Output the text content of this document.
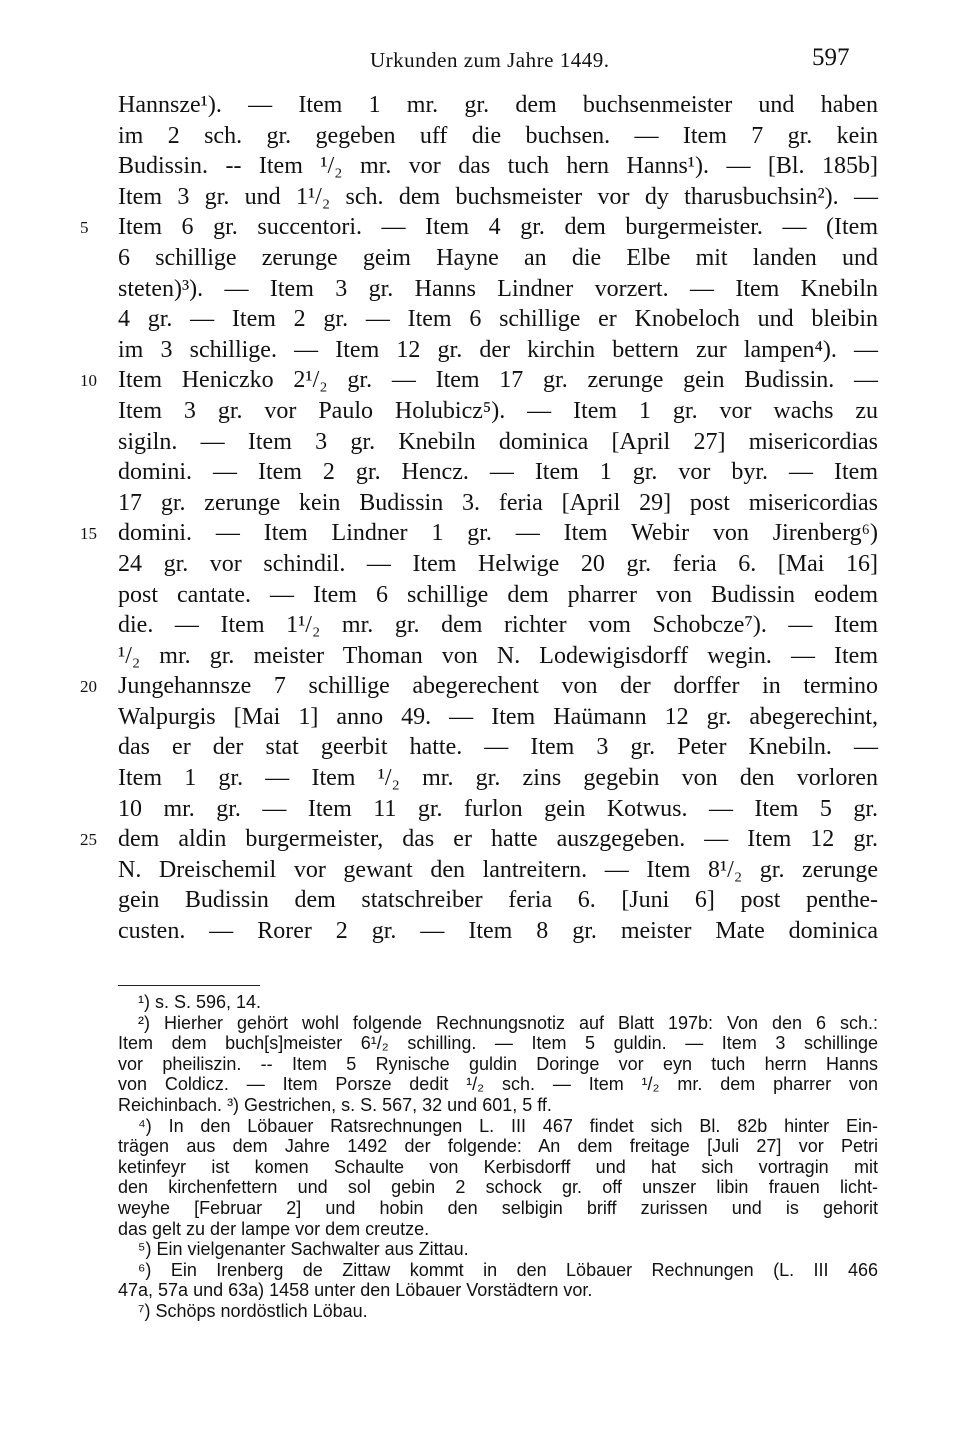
Urkunden zum Jahre 1449.	597
Hannsze¹). — Item 1 mr. gr. dem buchsenmeister und haben
im 2 sch. gr. gegeben uff die buchsen. — Item 7 gr. kein
Budissin. -- Item ¹/₂ mr. vor das tuch hern Hanns¹). — [Bl. 185b]
Item 3 gr. und 1¹/₂ sch. dem buchsmeister vor dy tharusbuchsin²). —
5	Item 6 gr. succentori. — Item 4 gr. dem burgermeister. — (Item
6 schillige zerunge geim Hayne an die Elbe mit landen und
steten)³). — Item 3 gr. Hanns Lindner vorzert. — Item Knebiln
4 gr. — Item 2 gr. — Item 6 schillige er Knobeloch und bleibin
im 3 schillige. — Item 12 gr. der kirchin bettern zur lampen⁴). —
10 Item Heniczko 2¹/₂ gr. — Item 17 gr. zerunge gein Budissin. —
Item 3 gr. vor Paulo Holubicz⁵). — Item 1 gr. vor wachs zu
sigiln. — Item 3 gr. Knebiln dominica [April 27] misericordias
domini. — Item 2 gr. Hencz. — Item 1 gr. vor byr. — Item
17 gr. zerunge kein Budissin 3. feria [April 29] post misericordias
15 domini. — Item Lindner 1 gr. — Item Webir von Jirenberg⁶)
24 gr. vor schindil. — Item Helwige 20 gr. feria 6. [Mai 16]
post cantate. — Item 6 schillige dem pharrer von Budissin eodem
die. — Item 1¹/₂ mr. gr. dem richter vom Schobcze⁷). — Item
¹/₂ mr. gr. meister Thoman von N. Lodewigisdorff wegin. — Item
20 Jungehannsze 7 schillige abegerechent von der dorffer in termino
Walpurgis [Mai 1] anno 49. — Item Haümann 12 gr. abegerechint,
das er der stat geerbit hatte. — Item 3 gr. Peter Knebiln. —
Item 1 gr. — Item ¹/₂ mr. gr. zins gegebin von den vorloren
10 mr. gr. — Item 11 gr. furlon gein Kotwus. — Item 5 gr.
25 dem aldin burgermeister, das er hatte auszgegeben. — Item 12 gr.
N. Dreischemil vor gewant den lantreitern. — Item 8¹/₂ gr. zerunge
gein Budissin dem statschreiber feria 6. [Juni 6] post penthe-
custen. — Rorer 2 gr. — Item 8 gr. meister Mate dominica
¹) s. S. 596, 14.
²) Hierher gehört wohl folgende Rechnungsnotiz auf Blatt 197b: Von den 6 sch.:
Item dem buch[s]meister 6¹/₂ schilling. — Item 5 guldin. — Item 3 schillinge
vor pheiliszin. -- Item 5 Rynische guldin Doringe vor eyn tuch herrn Hanns
von Coldicz. — Item Porsze dedit ¹/₂ sch. — Item ¹/₂ mr. dem pharrer von
Reichinbach. ³) Gestrichen, s. S. 567, 32 und 601, 5 ff.
⁴) In den Löbauer Ratsrechnungen L. III 467 findet sich Bl. 82b hinter Ein-
trägen aus dem Jahre 1492 der folgende: An dem freitage [Juli 27] vor Petri
ketinfeyr ist komen Schaulte von Kerbisdorff und hat sich vortragin mit
den kirchenfettern und sol gebin 2 schock gr. off unszer libin frauen licht-
weyhe [Februar 2] und hobin den selbigin briff zurissen und is gehorit
das gelt zu der lampe vor dem creutze.
⁵) Ein vielgenanter Sachwalter aus Zittau.
⁶) Ein Irenberg de Zittaw kommt in den Löbauer Rechnungen (L. III 466
47a, 57a und 63a) 1458 unter den Löbauer Vorstädtern vor.
⁷) Schöps nordöstlich Löbau.
